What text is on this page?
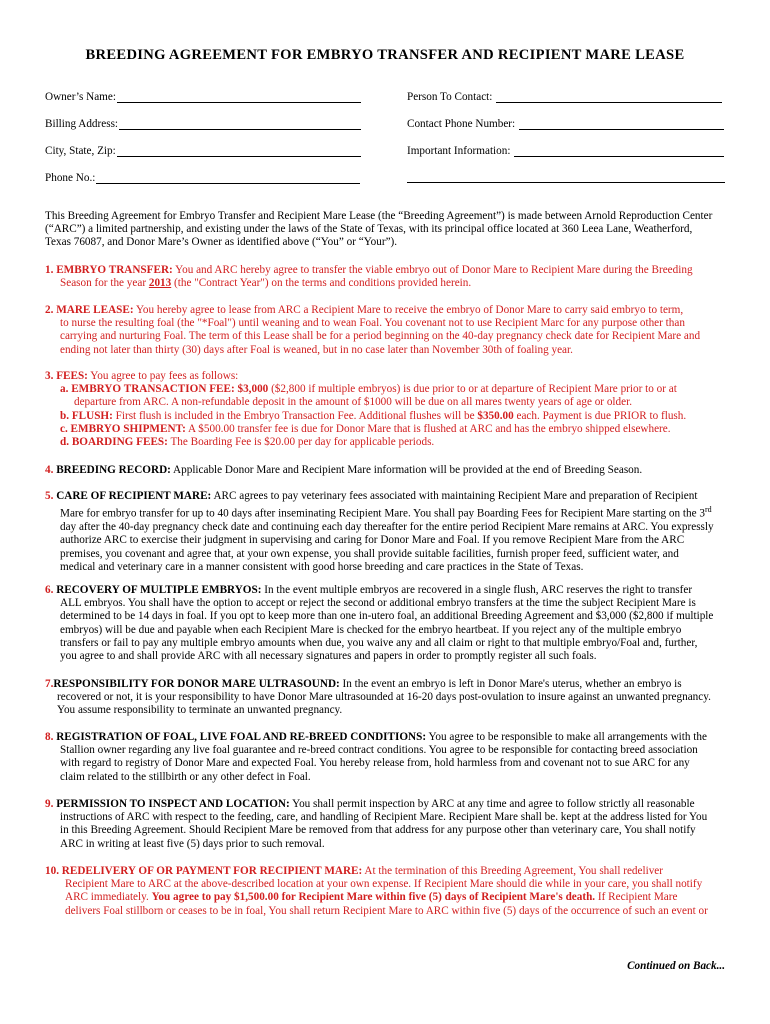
BREEDING AGREEMENT FOR EMBRYO TRANSFER AND RECIPIENT MARE LEASE
Owner’s Name:
Billing Address:
City, State, Zip:
Phone No.:
Person To Contact:
Contact Phone Number:
Important Information:
This Breeding Agreement for Embryo Transfer and Recipient Mare Lease (the “Breeding Agreement”) is made between Arnold Reproduction Center
(“ARC”) a limited partnership, and existing under the laws of the State of Texas, with its principal office located at 360 Leea Lane, Weatherford,
Texas 76087, and Donor Mare’s Owner as identified above (“You” or “Your”).
1. EMBRYO TRANSFER: You and ARC hereby agree to transfer the viable embryo out of Donor Mare to Recipient Mare during the Breeding
Season for the year 2013 (the "Contract Year") on the terms and conditions provided herein.
2. MARE LEASE: You hereby agree to lease from ARC a Recipient Mare to receive the embryo of Donor Mare to carry said embryo to term,
to nurse the resulting foal (the "*Foal") until weaning and to wean Foal. You covenant not to use Recipient Marc for any purpose other than
carrying and nurturing Foal. The term of this Lease shall be for a period beginning on the 40-day pregnancy check date for Recipient Mare and
ending not later than thirty (30) days after Foal is weaned, but in no case later than November 30th of foaling year.
3. FEES: You agree to pay fees as follows:
a. EMBRYO TRANSACTION FEE: $3,000 ($2,800 if multiple embryos) is due prior to or at departure of Recipient Mare prior to or at
departure from ARC. A non-refundable deposit in the amount of $1000 will be due on all mares twenty years of age or older.
b. FLUSH: First flush is included in the Embryo Transaction Fee. Additional flushes will be $350.00 each. Payment is due PRIOR to flush.
c. EMBRYO SHIPMENT: A $500.00 transfer fee is due for Donor Mare that is flushed at ARC and has the embryo shipped elsewhere.
d. BOARDING FEES: The Boarding Fee is $20.00 per day for applicable periods.
4. BREEDING RECORD: Applicable Donor Mare and Recipient Mare information will be provided at the end of Breeding Season.
5. CARE OF RECIPIENT MARE: ARC agrees to pay veterinary fees associated with maintaining Recipient Mare and preparation of Recipient
Mare for embryo transfer for up to 40 days after inseminating Recipient Mare. You shall pay Boarding Fees for Recipient Mare starting on the 3rd
day after the 40-day pregnancy check date and continuing each day thereafter for the entire period Recipient Mare remains at ARC. You expressly
authorize ARC to exercise their judgment in supervising and caring for Donor Mare and Foal. If you remove Recipient Mare from the ARC
premises, you covenant and agree that, at your own expense, you shall provide suitable facilities, furnish proper feed, sufficient water, and
medical and veterinary care in a manner consistent with good horse breeding and care practices in the State of Texas.
6. RECOVERY OF MULTIPLE EMBRYOS: In the event multiple embryos are recovered in a single flush, ARC reserves the right to transfer
ALL embryos. You shall have the option to accept or reject the second or additional embryo transfers at the time the subject Recipient Mare is
determined to be 14 days in foal. If you opt to keep more than one in-utero foal, an additional Breeding Agreement and $3,000 ($2,800 if multiple
embryos) will be due and payable when each Recipient Mare is checked for the embryo heartbeat. If you reject any of the multiple embryo
transfers or fail to pay any multiple embryo amounts when due, you waive any and all claim or right to that multiple embryo/Foal and, further,
you agree to and shall provide ARC with all necessary signatures and papers in order to promptly register all such foals.
7.RESPONSIBILITY FOR DONOR MARE ULTRASOUND: In the event an embryo is left in Donor Mare's uterus, whether an embryo is
recovered or not, it is your responsibility to have Donor Mare ultrasounded at 16-20 days post-ovulation to insure against an unwanted pregnancy.
You assume responsibility to terminate an unwanted pregnancy.
8. REGISTRATION OF FOAL, LIVE FOAL AND RE-BREED CONDITIONS: You agree to be responsible to make all arrangements with the
Stallion owner regarding any live foal guarantee and re-breed contract conditions. You agree to be responsible for contacting breed association
with regard to registry of Donor Mare and expected Foal. You hereby release from, hold harmless from and covenant not to sue ARC for any
claim related to the stillbirth or any other defect in Foal.
9. PERMISSION TO INSPECT AND LOCATION: You shall permit inspection by ARC at any time and agree to follow strictly all reasonable
instructions of ARC with respect to the feeding, care, and handling of Recipient Mare. Recipient Mare shall be. kept at the address listed for You
in this Breeding Agreement. Should Recipient Mare be removed from that address for any purpose other than veterinary care, You shall notify
ARC in writing at least five (5) days prior to such removal.
10. REDELIVERY OF OR PAYMENT FOR RECIPIENT MARE: At the termination of this Breeding Agreement, You shall redeliver
Recipient Mare to ARC at the above-described location at your own expense. If Recipient Mare should die while in your care, you shall notify
ARC immediately. You agree to pay $1,500.00 for Recipient Mare within five (5) days of Recipient Mare's death. If Recipient Mare
delivers Foal stillborn or ceases to be in foal, You shall return Recipient Mare to ARC within five (5) days of the occurrence of such an event or
Continued on Back...
